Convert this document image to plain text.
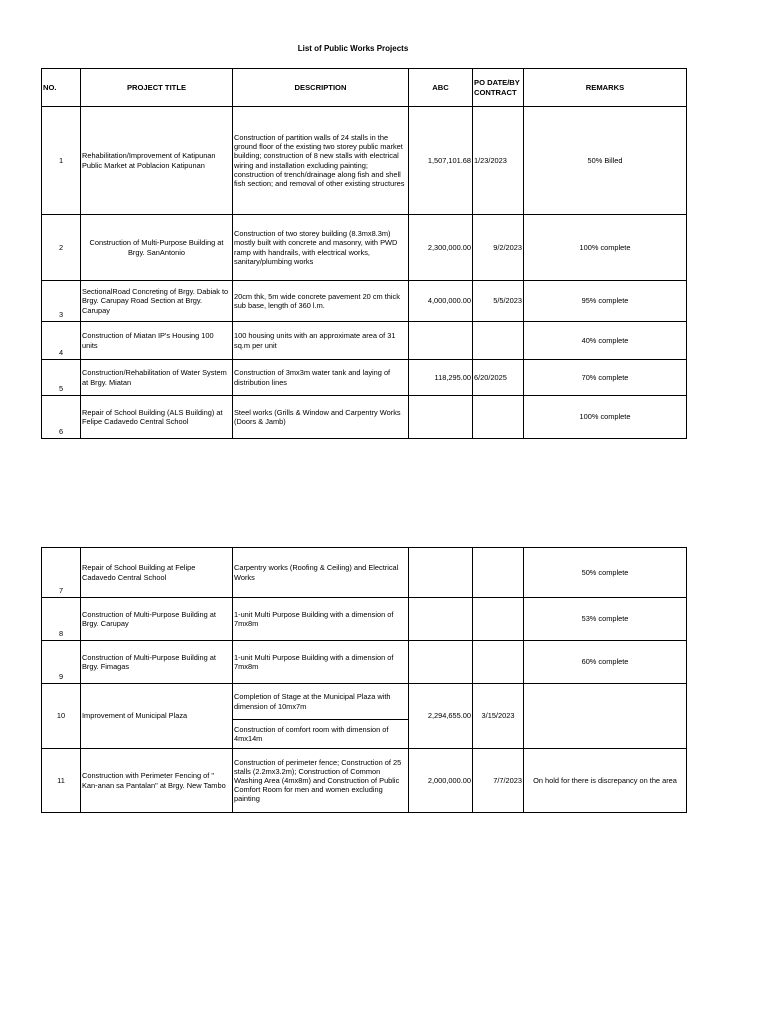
List of Public Works Projects
NO.	PROJECT TITLE	DESCRIPTION	ABC	PO DATE/BY CONTRACT	REMARKS
1	Rehabilitation/Improvement of Katipunan Public Market at Poblacion Katipunan	Construction of partition walls of 24 stalls in the ground floor of the existing two storey public market building; construction of 8 new stalls with electrical wiring and installation excluding painting; construction of trench/drainage along fish and shell fish section; and removal of other existing structures	1,507,101.68	1/23/2023	50% Billed
2	Construction of Multi-Purpose Building at Brgy. SanAntonio	Construction of two storey building (8.3mx8.3m) mostly built with concrete and masonry, with PWD ramp with handrails, with electrical works, sanitary/plumbing works	2,300,000.00	9/2/2023	100% complete
3	SectionalRoad Concreting of Brgy. Dabiak to Brgy. Carupay Road Section at Brgy. Carupay	20cm thk, 5m wide concrete pavement 20 cm thick sub base, length of 360 l.m.	4,000,000.00	5/5/2023	95% complete
4	Construction of Miatan IP's Housing 100 units	100 housing units with an approximate area of 31 sq.m per unit			40% complete
5	Construction/Rehabilitation of Water System at Brgy. Miatan	Construction of 3mx3m water tank and laying of distribution lines	118,295.00	6/20/2025	70% complete
6	Repair of School Building (ALS Building) at Felipe Cadavedo Central School	Steel works (Grills & Window and Carpentry Works (Doors & Jamb)			100% complete
7	Repair of School Building at Felipe Cadavedo Central School	Carpentry works (Roofing & Ceiling) and Electrical Works			50% complete
8	Construction of Multi-Purpose Building at Brgy. Carupay	1-unit Multi Purpose Building with a dimension of 7mx8m			53% complete
9	Construction of Multi-Purpose Building at Brgy. Fimagas	1-unit Multi Purpose Building with a dimension of 7mx8m			60% complete
10	Improvement of Municipal Plaza	Completion of Stage at the Municipal Plaza with dimension of 10mx7m	2,294,655.00	3/15/2023	
		Construction of comfort room with dimension of 4mx14m			
11	Construction with Perimeter Fencing of " Kan-anan sa Pantalan" at Brgy. New Tambo	Construction of perimeter fence; Construction of 25 stalls (2.2mx3.2m); Construction of Common Washing Area (4mx8m) and Construction of Public Comfort Room for men and women excluding painting	2,000,000.00	7/7/2023	On hold for there is discrepancy on the area
